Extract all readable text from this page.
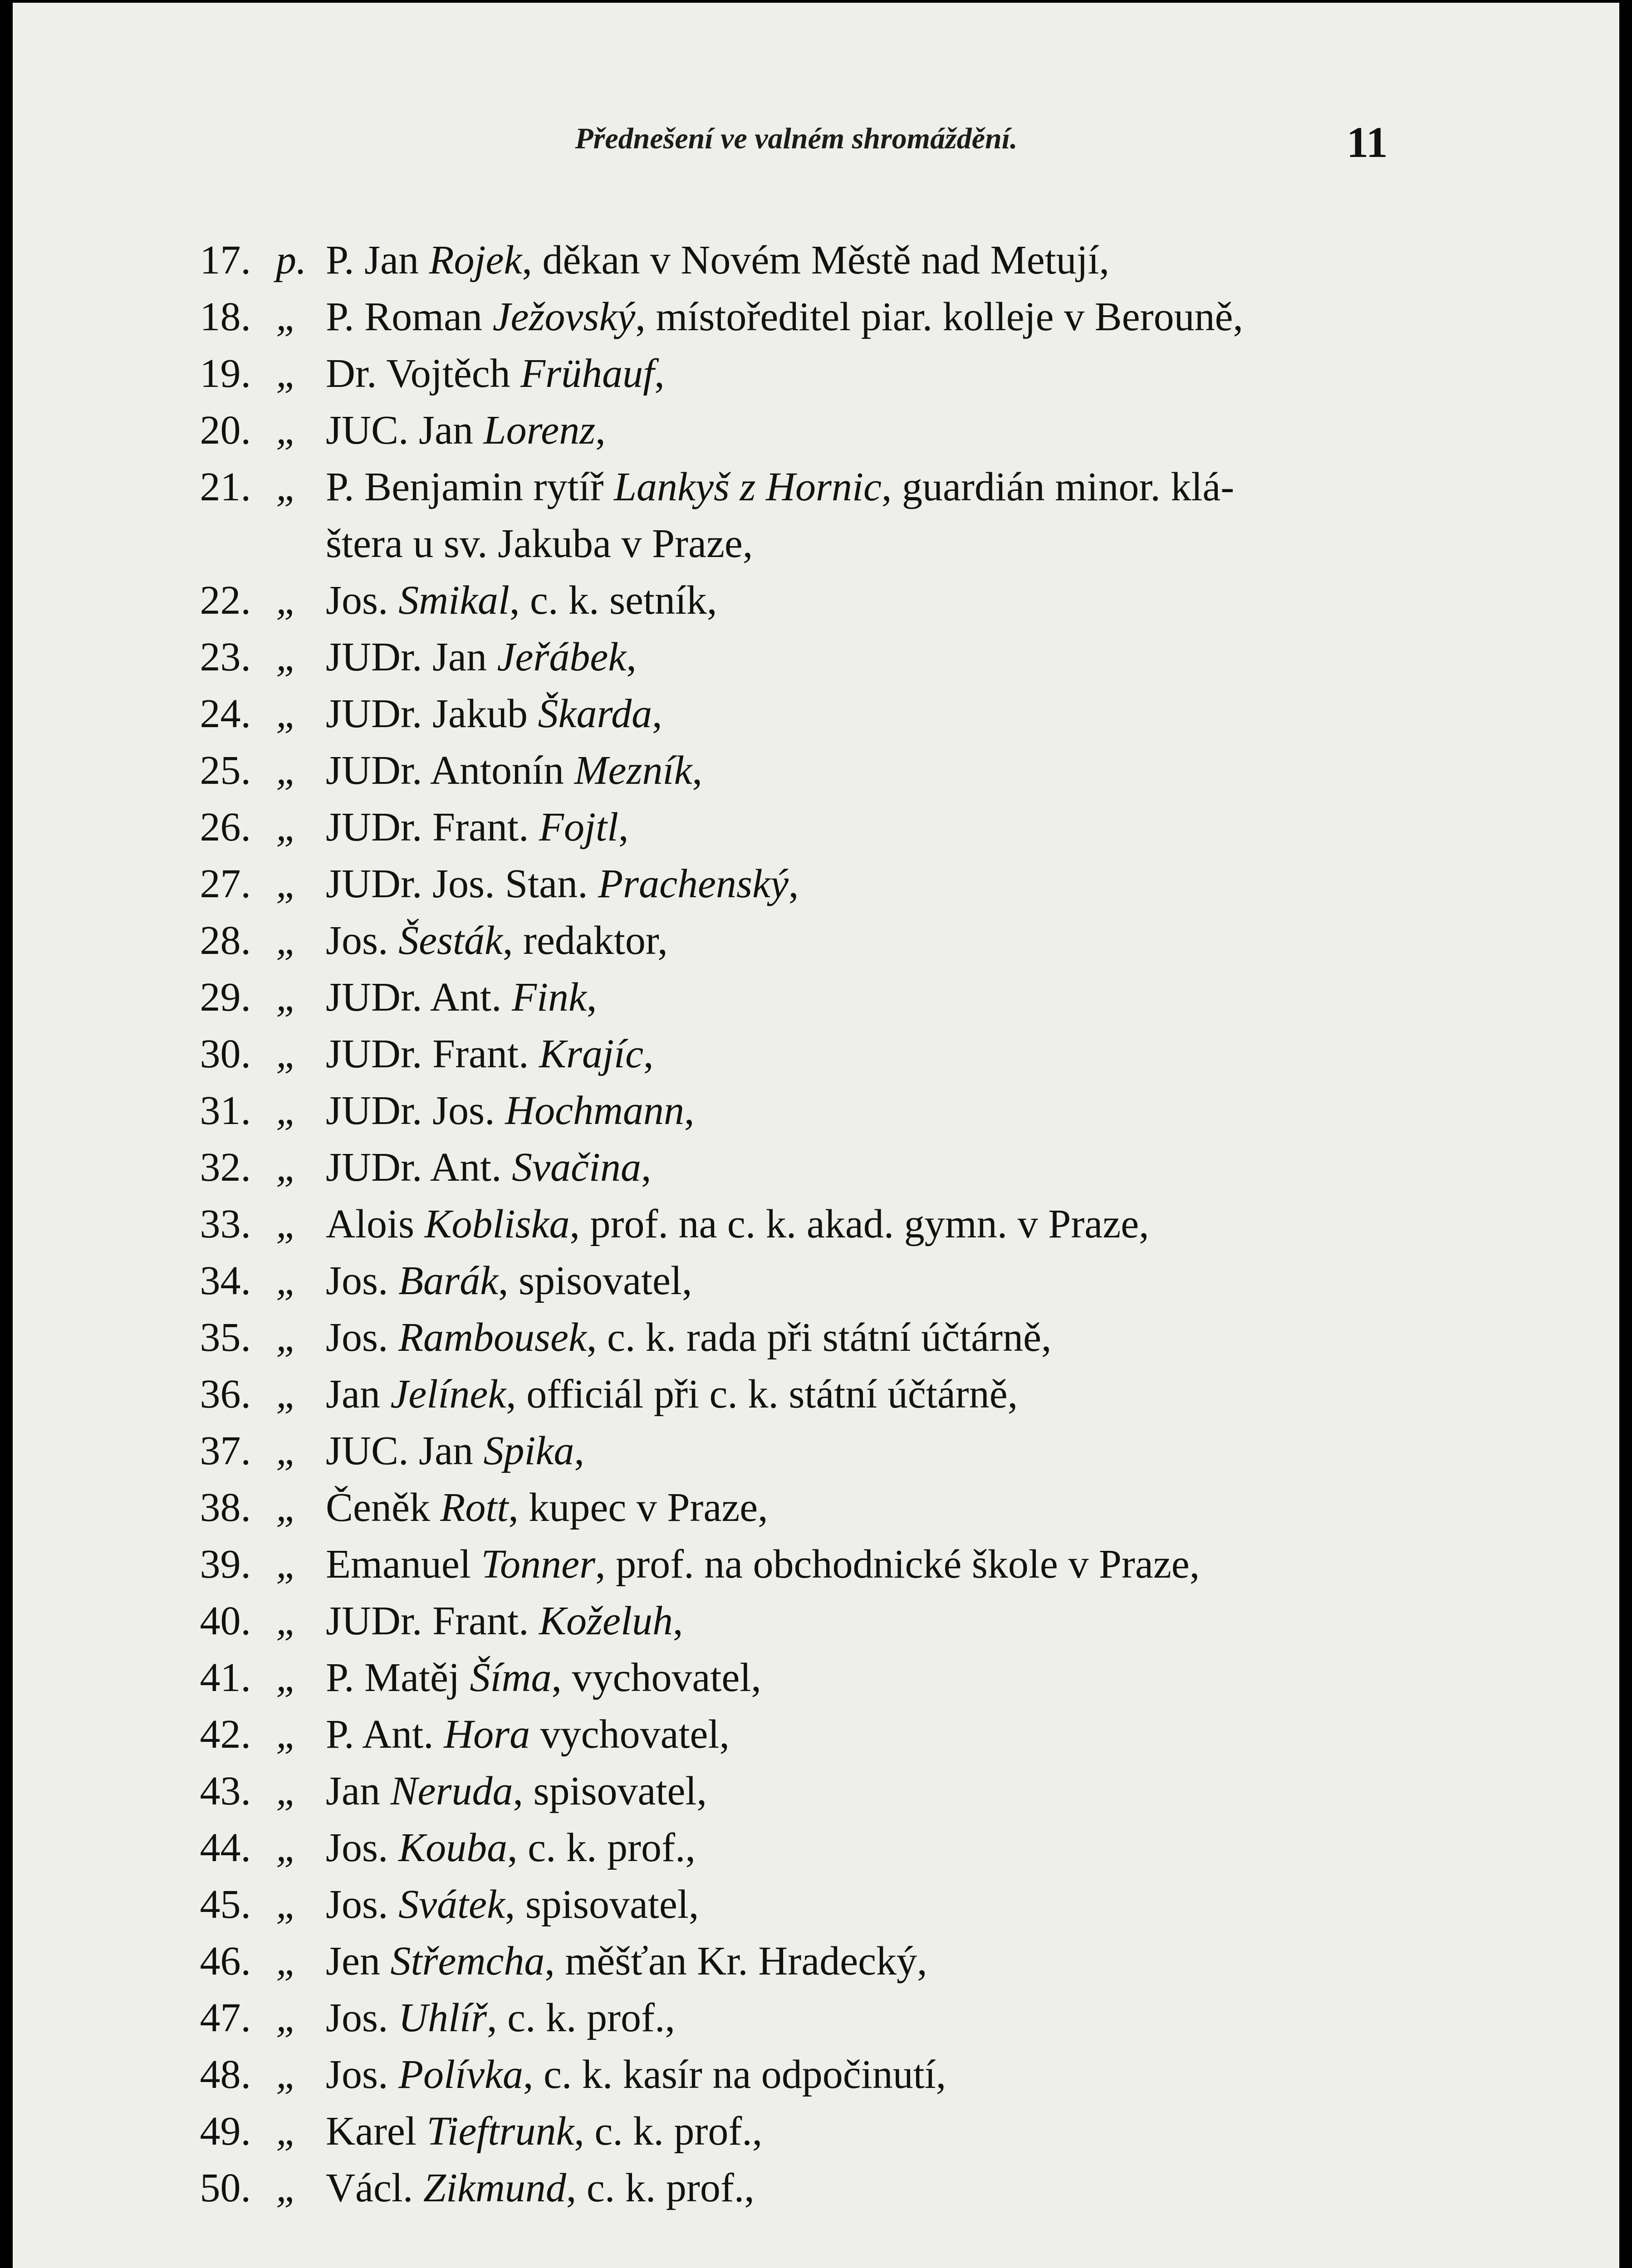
Přednešení ve valném shromáždění.	11
17. p. P. Jan Rojek, děkan v Novém Městě nad Metují,
18. „ P. Roman Ježovský, místoředitel piar. kolleje v Berouně,
19. „ Dr. Vojtěch Frühauf,
20. „ JUC. Jan Lorenz,
21. „ P. Benjamin rytíř Lankyš z Hornic, guardián minor. klá-
štera u sv. Jakuba v Praze,
22. „ Jos. Smikal, c. k. setník,
23. „ JUDr. Jan Jeřábek,
24. „ JUDr. Jakub Škarda,
25. „ JUDr. Antonín Mezník,
26. „ JUDr. Frant. Fojtl,
27. „ JUDr. Jos. Stan. Prachenský,
28. „ Jos. Šesták, redaktor,
29. „ JUDr. Ant. Fink,
30. „ JUDr. Frant. Krajíc,
31. „ JUDr. Jos. Hochmann,
32. „ JUDr. Ant. Svačina,
33. „ Alois Kobliska, prof. na c. k. akad. gymn. v Praze,
34. „ Jos. Barák, spisovatel,
35. „ Jos. Rambousek, c. k. rada při státní účtárně,
36. „ Jan Jelínek, officiál při c. k. státní účtárně,
37. „ JUC. Jan Spika,
38. „ Čeněk Rott, kupec v Praze,
39. „ Emanuel Tonner, prof. na obchodnické škole v Praze,
40. „ JUDr. Frant. Koželuh,
41. „ P. Matěj Šíma, vychovatel,
42. „ P. Ant. Hora vychovatel,
43. „ Jan Neruda, spisovatel,
44. „ Jos. Kouba, c. k. prof.,
45. „ Jos. Svátek, spisovatel,
46. „ Jen Střemcha, měšťan Kr. Hradecký,
47. „ Jos. Uhlíř, c. k. prof.,
48. „ Jos. Polívka, c. k. kasír na odpočinutí,
49. „ Karel Tieftrunk, c. k. prof.,
50. „ Václ. Zikmund, c. k. prof.,
